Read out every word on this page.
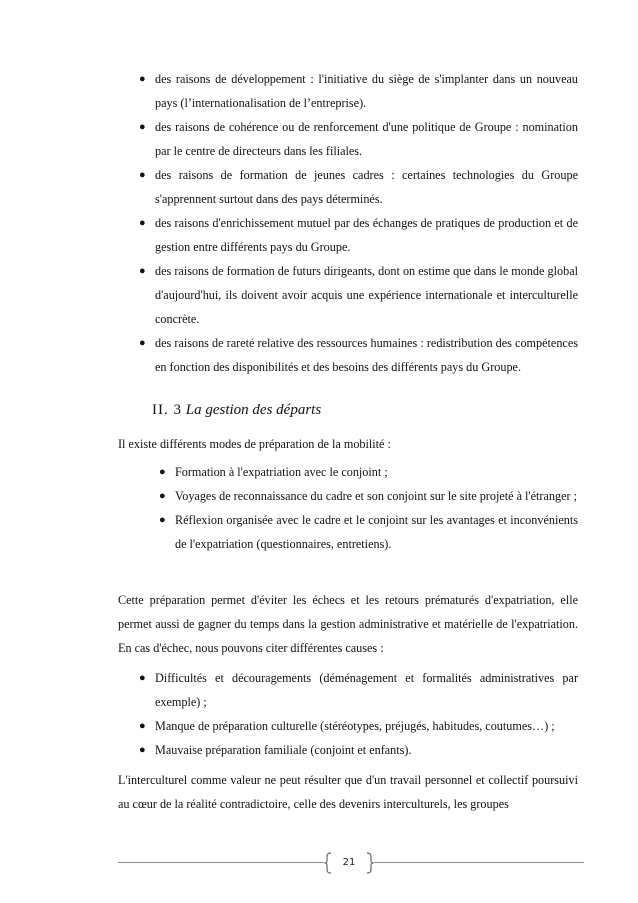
● des raisons de développement : l'initiative du siège de s'implanter dans un nouveau pays (l’internationalisation de l’entreprise).
● des raisons de cohérence ou de renforcement d'une politique de Groupe : nomination par le centre de directeurs dans les filiales.
● des raisons de formation de jeunes cadres : certaines technologies du Groupe s'apprennent surtout dans des pays déterminés.
● des raisons d'enrichissement mutuel par des échanges de pratiques de production et de gestion entre différents pays du Groupe.
● des raisons de formation de futurs dirigeants, dont on estime que dans le monde global d'aujourd'hui, ils doivent avoir acquis une expérience internationale et interculturelle concrète.
● des raisons de rareté relative des ressources humaines : redistribution des compétences en fonction des disponibilités et des besoins des différents pays du Groupe.
II. 3 La gestion des départs

Il existe différents modes de préparation de la mobilité :

● Formation à l'expatriation avec le conjoint ;
● Voyages de reconnaissance du cadre et son conjoint sur le site projeté à l'étranger ;
● Réflexion organisée avec le cadre et le conjoint sur les avantages et inconvénients de l'expatriation (questionnaires, entretiens).

Cette préparation permet d'éviter les échecs et les retours prématurés d'expatriation, elle permet aussi de gagner du temps dans la gestion administrative et matérielle de l'expatriation. En cas d'échec, nous pouvons citer différentes causes :

● Difficultés et découragements (déménagement et formalités administratives par exemple) ;
● Manque de préparation culturelle (stéréotypes, préjugés, habitudes, coutumes…) ;
● Mauvaise préparation familiale (conjoint et enfants).

L'interculturel comme valeur ne peut résulter que d'un travail personnel et collectif poursuivi au cœur de la réalité contradictoire, celle des devenirs interculturels, les groupes

21
